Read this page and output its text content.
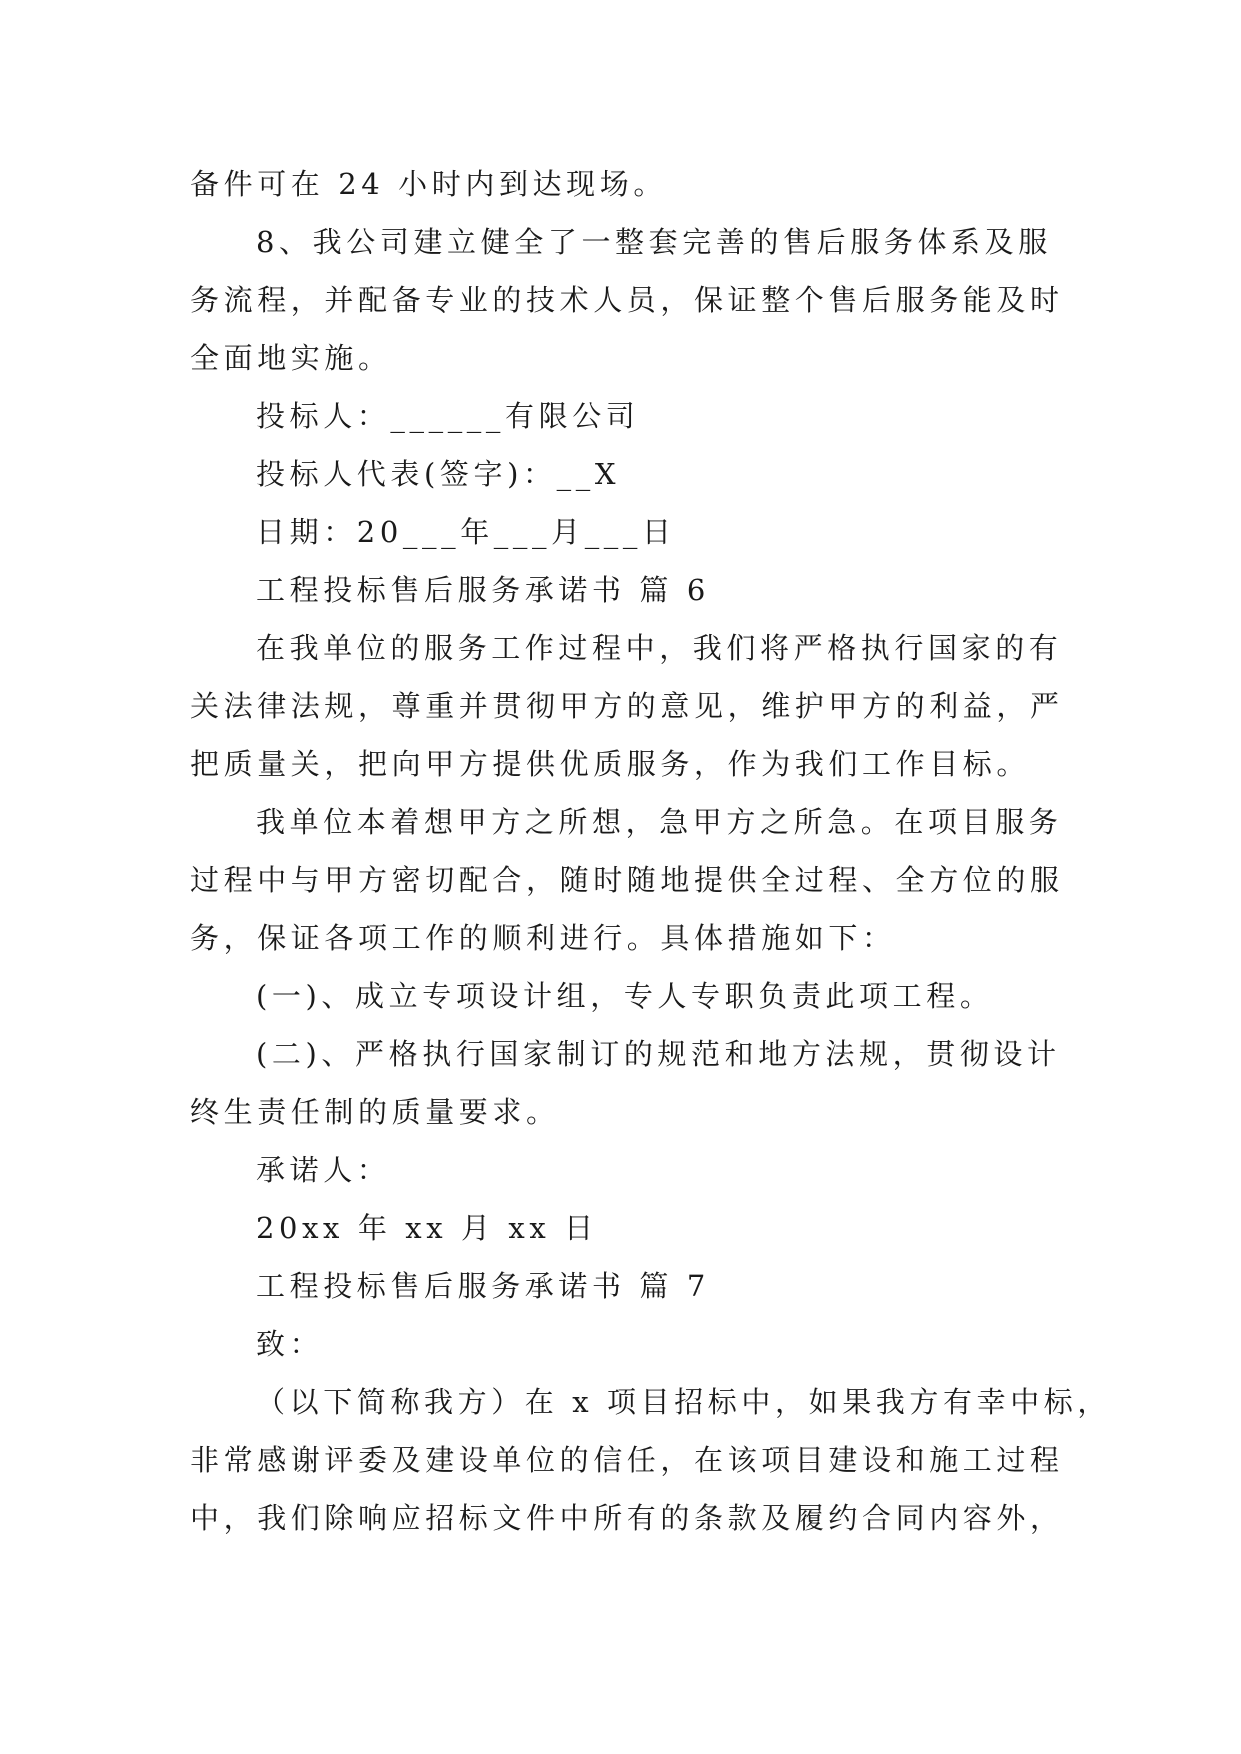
备件可在 24 小时内到达现场。
8、我公司建立健全了一整套完善的售后服务体系及服
务流程，并配备专业的技术人员，保证整个售后服务能及时
全面地实施。
投标人：______有限公司
投标人代表(签字)：__X
日期：20___年___月___日
工程投标售后服务承诺书 篇 6
在我单位的服务工作过程中，我们将严格执行国家的有
关法律法规，尊重并贯彻甲方的意见，维护甲方的利益，严
把质量关，把向甲方提供优质服务，作为我们工作目标。
我单位本着想甲方之所想，急甲方之所急。在项目服务
过程中与甲方密切配合，随时随地提供全过程、全方位的服
务，保证各项工作的顺利进行。具体措施如下：
(一)、成立专项设计组，专人专职负责此项工程。
(二)、严格执行国家制订的规范和地方法规，贯彻设计
终生责任制的质量要求。
承诺人：
20xx 年 xx 月 xx 日
工程投标售后服务承诺书 篇 7
致：
（以下简称我方）在 x 项目招标中，如果我方有幸中标，
非常感谢评委及建设单位的信任，在该项目建设和施工过程
中，我们除响应招标文件中所有的条款及履约合同内容外，
